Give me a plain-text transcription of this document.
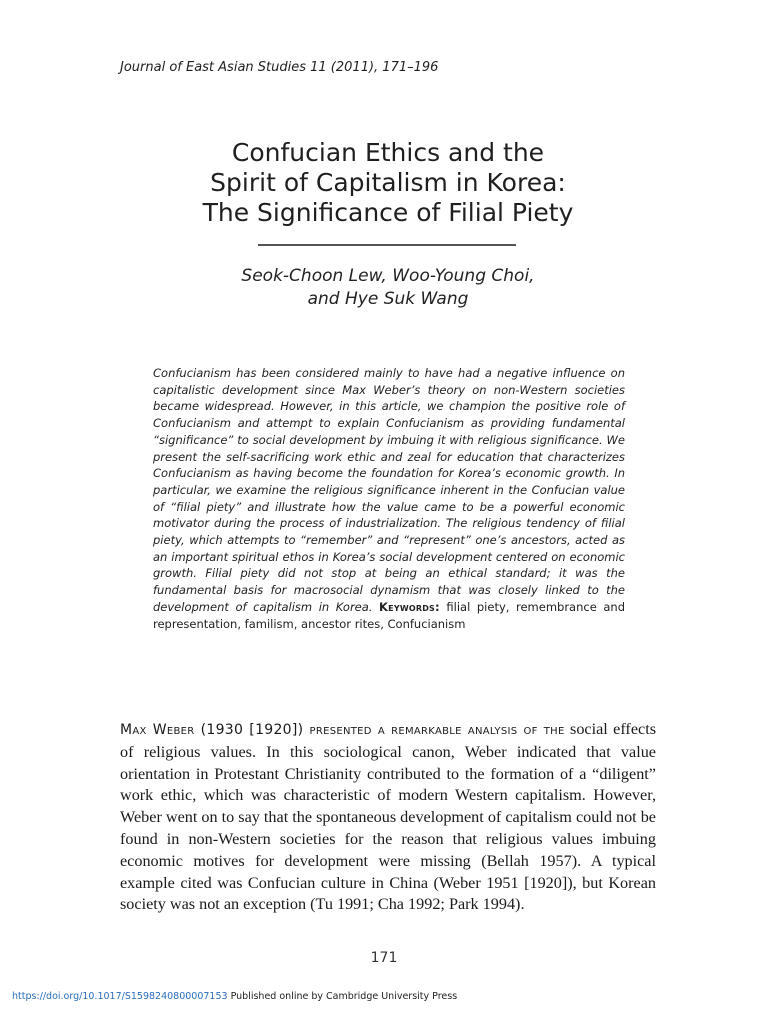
Journal of East Asian Studies 11 (2011), 171–196
Confucian Ethics and the
Spirit of Capitalism in Korea:
The Significance of Filial Piety
Seok-Choon Lew, Woo-Young Choi,
and Hye Suk Wang
Confucianism has been considered mainly to have had a negative influence on capitalistic development since Max Weber’s theory on non-Western societies became widespread. However, in this article, we champion the positive role of Confucianism and attempt to explain Confucianism as providing fundamental “significance” to social development by imbuing it with religious significance. We present the self-sacrificing work ethic and zeal for education that characterizes Confucianism as having become the foundation for Korea’s economic growth. In particular, we examine the religious significance inherent in the Confucian value of “filial piety” and illustrate how the value came to be a powerful economic motivator during the process of industrialization. The religious tendency of filial piety, which attempts to “remember” and “represent” one’s ancestors, acted as an important spiritual ethos in Korea’s social development centered on economic growth. Filial piety did not stop at being an ethical standard; it was the fundamental basis for macrosocial dynamism that was closely linked to the development of capitalism in Korea. Keywords: filial piety, remembrance and representation, familism, ancestor rites, Confucianism
Max Weber (1930 [1920]) presented a remarkable analysis of the social effects of religious values. In this sociological canon, Weber indicated that value orientation in Protestant Christianity contributed to the formation of a “diligent” work ethic, which was characteristic of modern Western capitalism. However, Weber went on to say that the spontaneous development of capitalism could not be found in non-Western societies for the reason that religious values imbuing economic motives for development were missing (Bellah 1957). A typical example cited was Confucian culture in China (Weber 1951 [1920]), but Korean society was not an exception (Tu 1991; Cha 1992; Park 1994).
171
https://doi.org/10.1017/S1598240800007153 Published online by Cambridge University Press
